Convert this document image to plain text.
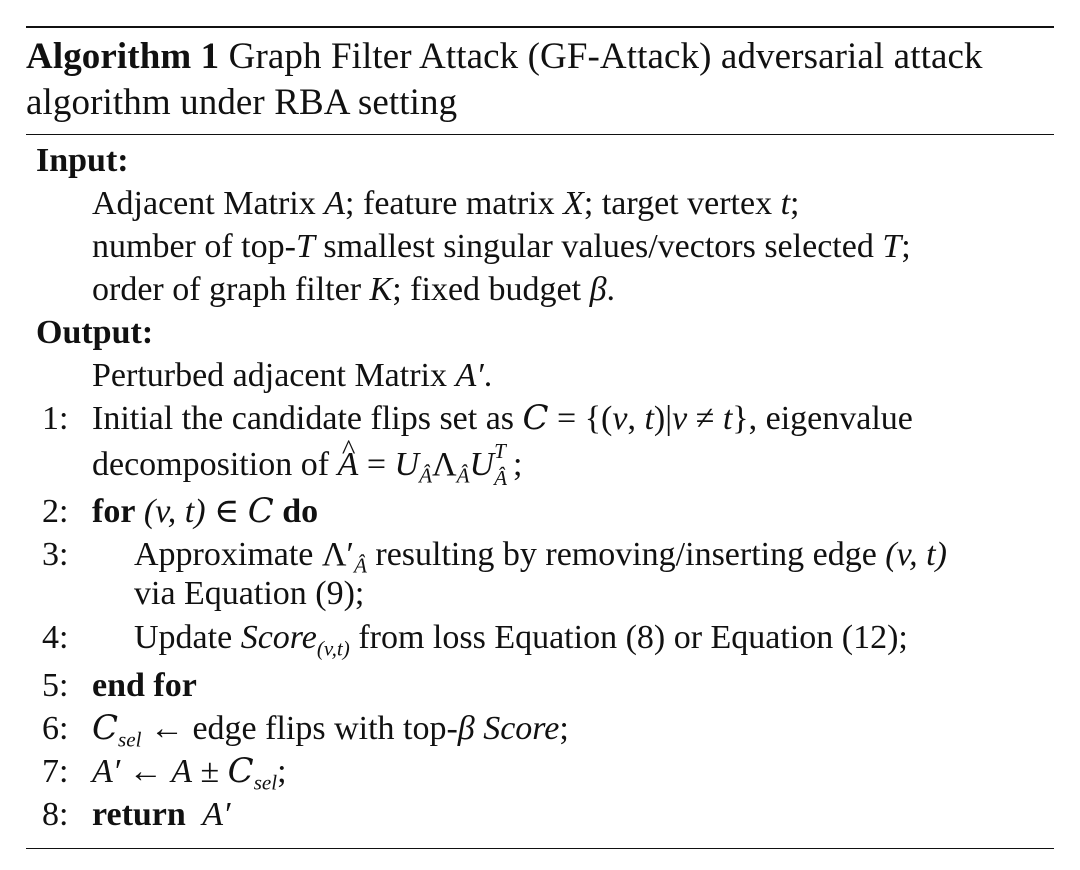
Algorithm 1 Graph Filter Attack (GF-Attack) adversarial attack algorithm under RBA setting
Input:
Adjacent Matrix A; feature matrix X; target vertex t;
number of top-T smallest singular values/vectors selected T;
order of graph filter K; fixed budget β.
Output:
Perturbed adjacent Matrix A′.
1: Initial the candidate flips set as C = {(v, t)|v ≠ t}, eigenvalue
decomposition of ^ $A = U_Â\Lambda_ÂU$ T
Â ;
2: for (v, t) ∈ C do
3:	Approximate $\Lambda'_Â$ resulting by removing/inserting edge (v, t)
via Equation (9);
4:	Update Score$_{(v,t)}$ from loss Equation (8) or Equation (12);
5: end for
6: $C_{sel}$ ← edge flips with top-β Score;
7: A′ ← $A \pm C_{sel}$;
8: return  A′
